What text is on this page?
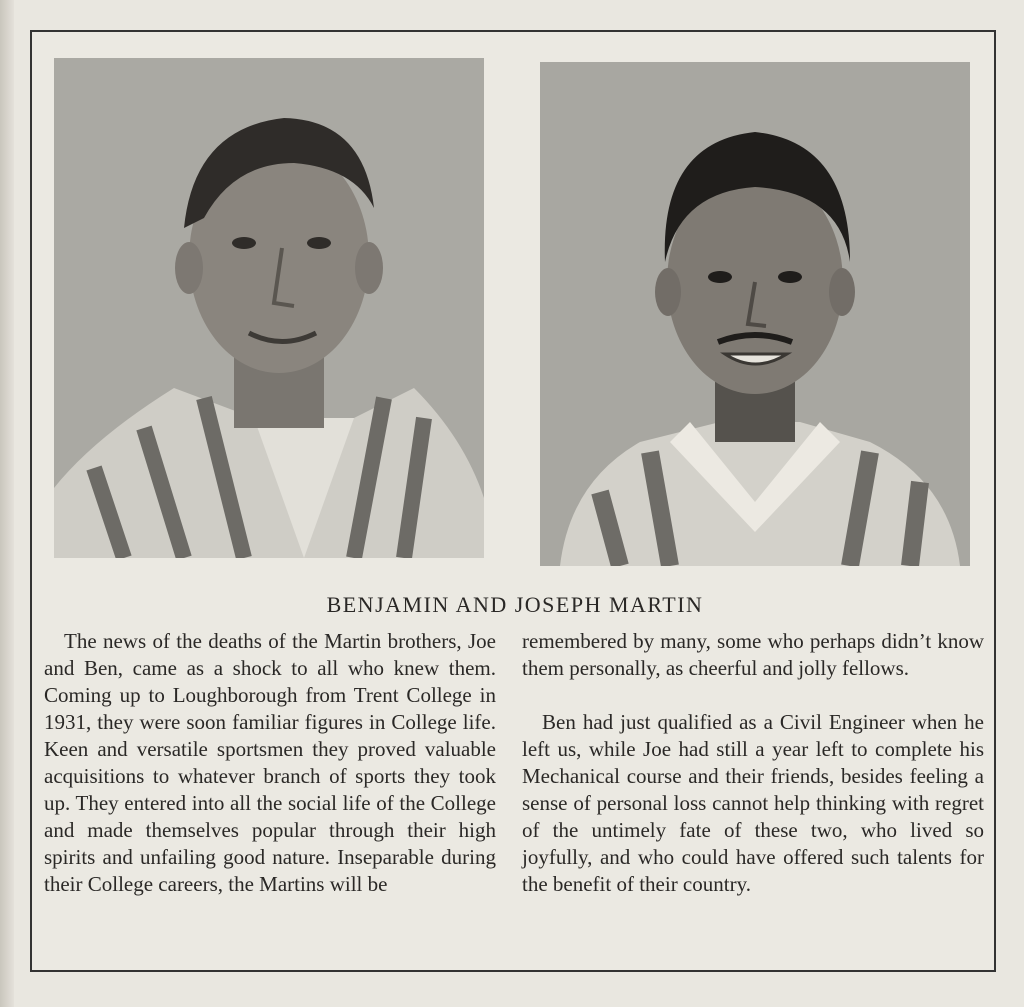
BENJAMIN AND JOSEPH MARTIN

The news of the deaths of the Martin brothers, Joe and Ben, came as a shock to all who knew them. Coming up to Loughborough from Trent College in 1931, they were soon familiar figures in College life. Keen and versatile sportsmen they proved valuable acquisitions to whatever branch of sports they took up. They entered into all the social life of the College and made themselves popular through their high spirits and unfailing good nature. Inseparable during their College careers, the Martins will be

remembered by many, some who perhaps didn’t know them personally, as cheerful and jolly fellows.

Ben had just qualified as a Civil Engineer when he left us, while Joe had still a year left to complete his Mechanical course and their friends, besides feeling a sense of personal loss cannot help thinking with regret of the untimely fate of these two, who lived so joyfully, and who could have offered such talents for the benefit of their country.
